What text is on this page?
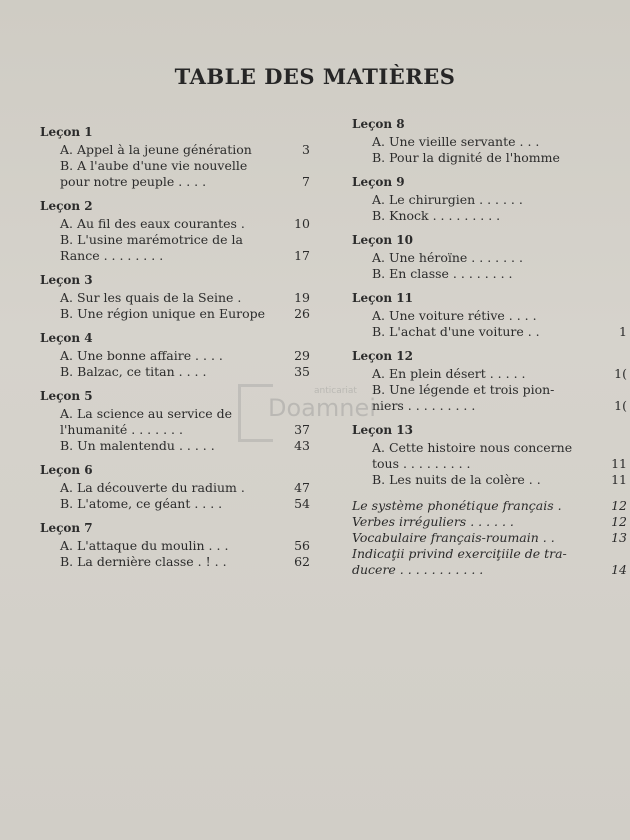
TABLE DES MATIÈRES
Leçon 1
A. Appel à la jeune génération	3
B. A l'aube d'une vie nouvelle
pour notre peuple . . . .	7
Leçon 2
A. Au fil des eaux courantes .	10
B. L'usine marémotrice de la
Rance . . . . . . . .	17
Leçon 3
A. Sur les quais de la Seine .	19
B. Une région unique en Europe	26
Leçon 4
A. Une bonne affaire . . . .	29
B. Balzac, ce titan . . . .	35
Leçon 5
A. La science au service de
l'humanité . . . . . . .	37
B. Un malentendu . . . . .	43
Leçon 6
A. La découverte du radium .	47
B. L'atome, ce géant . . . .	54
Leçon 7
A. L'attaque du moulin . . .	56
B. La dernière classe . ! . .	62
Leçon 8
A. Une vieille servante . . .
B. Pour la dignité de l'homme
Leçon 9
A. Le chirurgien . . . . . .
B. Knock . . . . . . . . .
Leçon 10
A. Une héroïne . . . . . . .
B. En classe . . . . . . . .
Leçon 11
A. Une voiture rétive . . . .
B. L'achat d'une voiture . .	1
Leçon 12
A. En plein désert . . . . .	1(
B. Une légende et trois pion-
niers . . . . . . . . .	1(
Leçon 13
A. Cette histoire nous concerne
tous . . . . . . . . .	11
B. Les nuits de la colère . .	11
Le système phonétique français .	12
Verbes irréguliers . . . . . .	12
Vocabulaire français-roumain . .	13
Indicaţii privind exerciţiile de tra-
ducere . . . . . . . . . . .	14
anticariat
Doamnei
